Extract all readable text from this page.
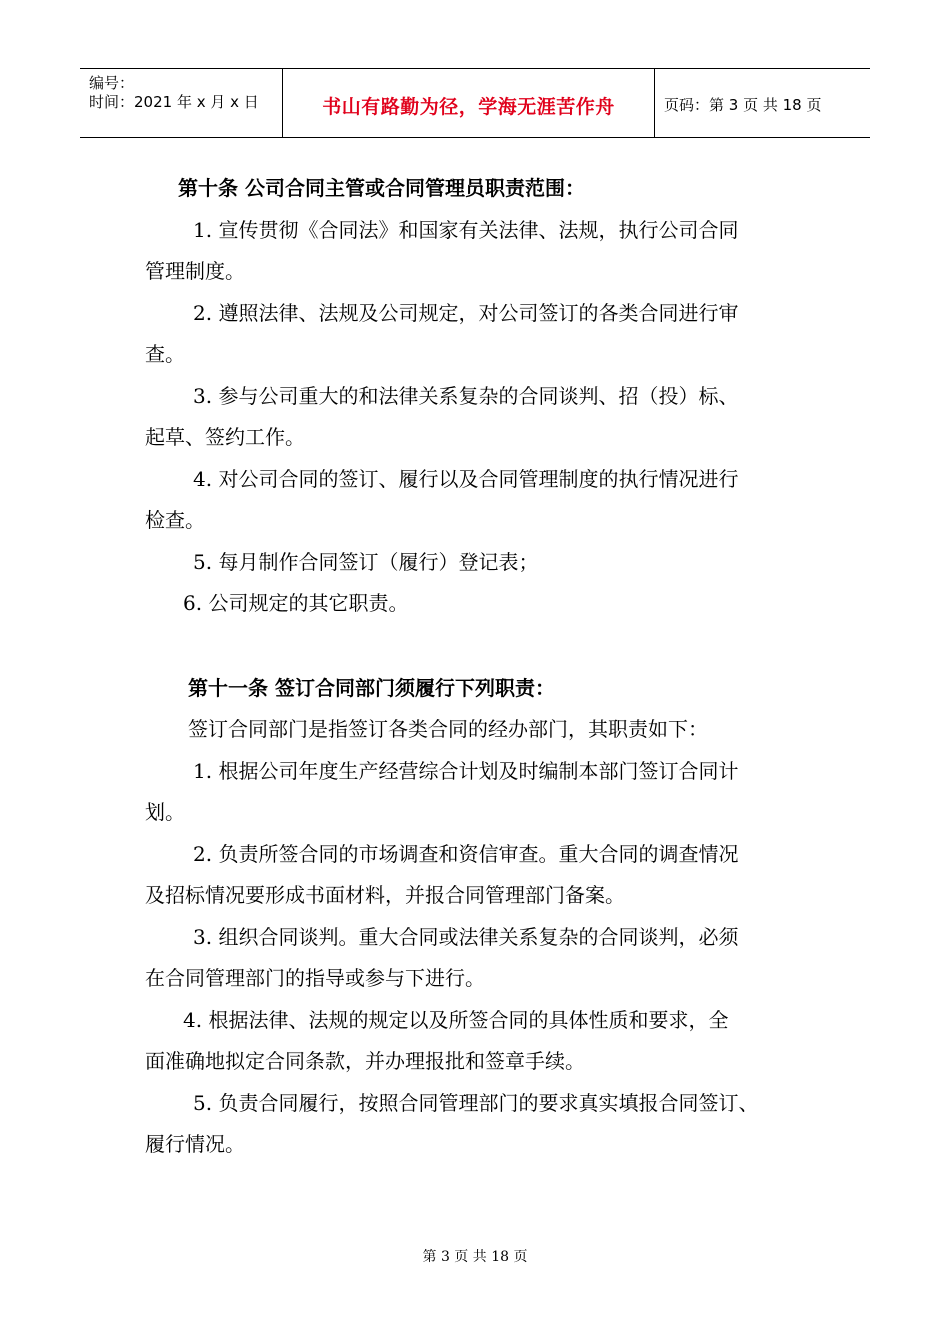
编号：
时间：2021 年 x 月 x 日	书山有路勤为径，学海无涯苦作舟	页码：第 3 页 共 18 页
第十条 公司合同主管或合同管理员职责范围：
1. 宣传贯彻《合同法》和国家有关法律、法规，执行公司合同
管理制度。
2. 遵照法律、法规及公司规定，对公司签订的各类合同进行审
查。
3. 参与公司重大的和法律关系复杂的合同谈判、招（投）标、
起草、签约工作。
4. 对公司合同的签订、履行以及合同管理制度的执行情况进行
检查。
5. 每月制作合同签订（履行）登记表；
6. 公司规定的其它职责。
第十一条 签订合同部门须履行下列职责：
签订合同部门是指签订各类合同的经办部门，其职责如下：
1. 根据公司年度生产经营综合计划及时编制本部门签订合同计
划。
2. 负责所签合同的市场调查和资信审查。重大合同的调查情况
及招标情况要形成书面材料，并报合同管理部门备案。
3. 组织合同谈判。重大合同或法律关系复杂的合同谈判，必须
在合同管理部门的指导或参与下进行。
4. 根据法律、法规的规定以及所签合同的具体性质和要求，全
面准确地拟定合同条款，并办理报批和签章手续。
5. 负责合同履行，按照合同管理部门的要求真实填报合同签订、
履行情况。
第 3 页 共 18 页
